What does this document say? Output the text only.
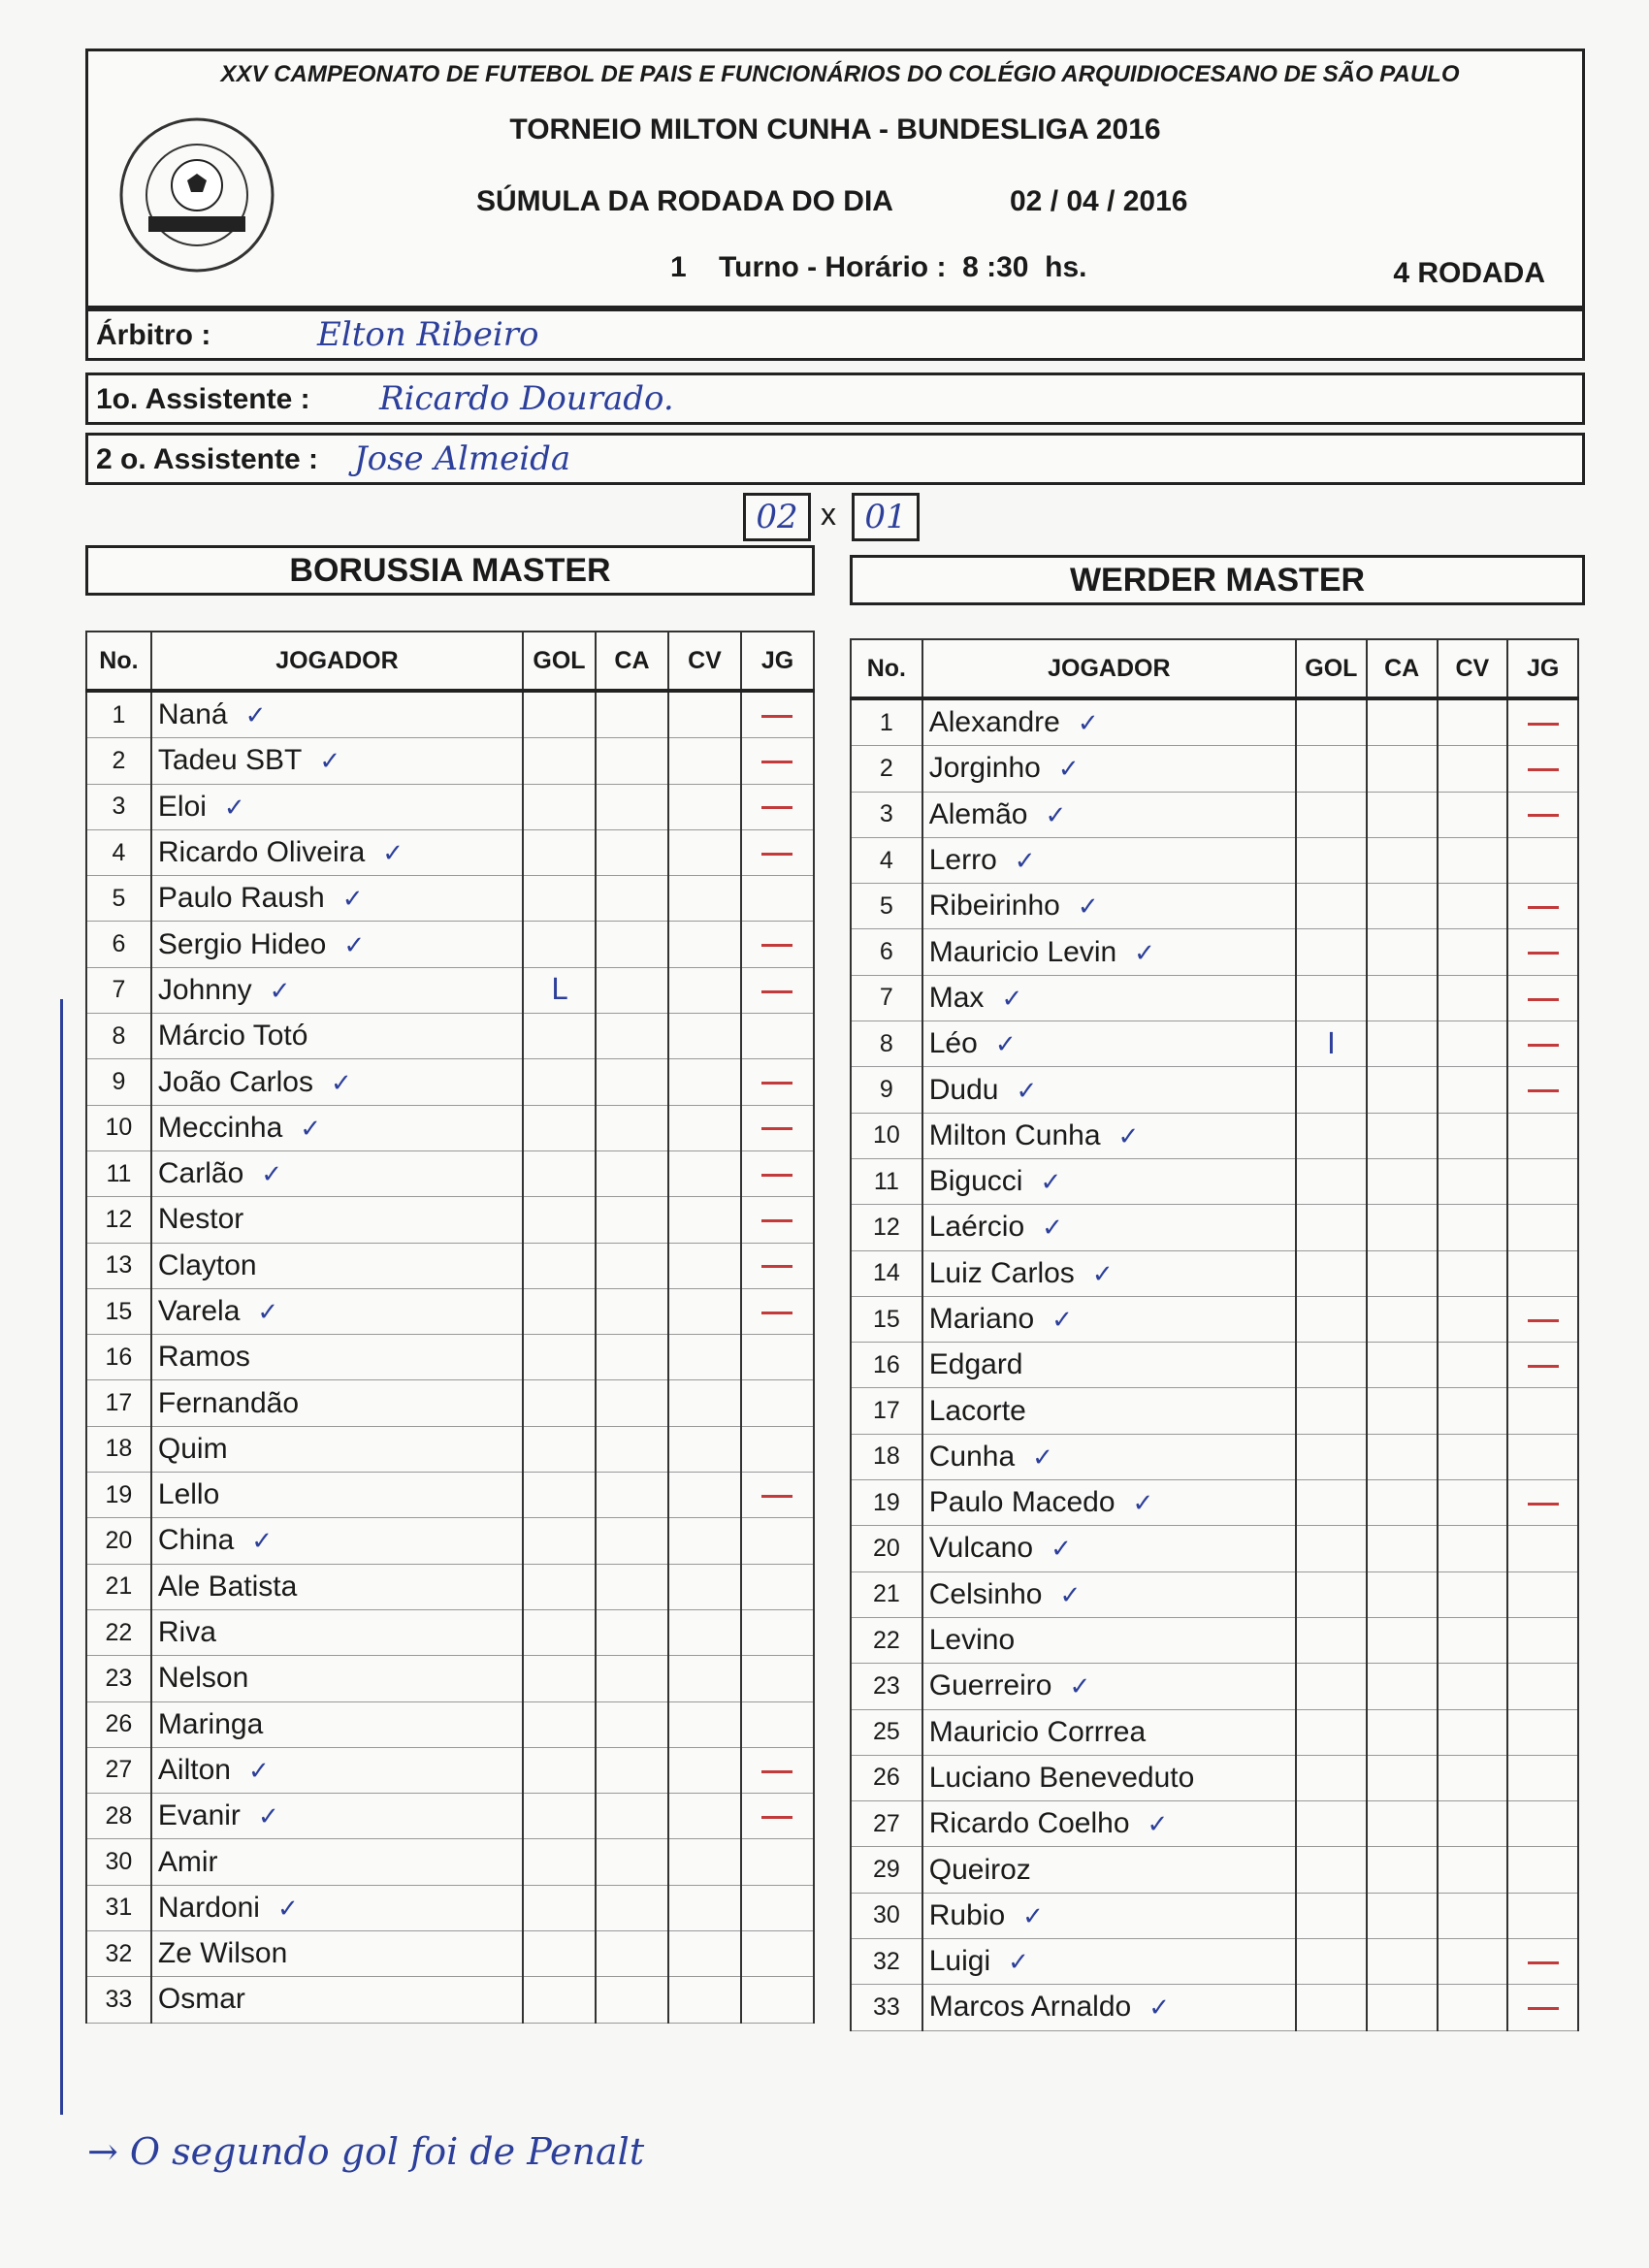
XXV CAMPEONATO DE FUTEBOL DE PAIS E FUNCIONÁRIOS DO COLÉGIO ARQUIDIOCESANO DE SÃO PAULO
TORNEIO MILTON CUNHA - BUNDESLIGA 2016
SÚMULA DA RODADA DO DIA	02 / 04 / 2016
1    Turno - Horário :  8 :30  hs.	4 RODADA
Árbitro :	Elton Ribeiro
1o. Assistente : Ricardo Dourado.
2 o. Assistente : Jose Almeida
02 x 01
BORUSSIA MASTER	WERDER MASTER
No.	JOGADOR	GOL	CA	CV	JG
1	Naná ✓				
2	Tadeu SBT ✓				
3	Eloi ✓				
4	Ricardo Oliveira ✓				
5	Paulo Raush ✓				
6	Sergio Hideo ✓				
7	Johnny ✓	L			
8	Márcio Totó				
9	João Carlos ✓				
10	Meccinha ✓				
11	Carlão ✓				
12	Nestor				
13	Clayton				
15	Varela ✓				
16	Ramos				
17	Fernandão				
18	Quim				
19	Lello				
20	China ✓				
21	Ale Batista				
22	Riva				
23	Nelson				
26	Maringa				
27	Ailton ✓				
28	Evanir ✓				
30	Amir				
31	Nardoni ✓				
32	Ze Wilson				
33	Osmar				
No.	JOGADOR	GOL	CA	CV	JG
1	Alexandre ✓				
2	Jorginho ✓				
3	Alemão ✓				
4	Lerro ✓				
5	Ribeirinho ✓				
6	Mauricio Levin ✓				
7	Max ✓				
8	Léo ✓	I			
9	Dudu ✓				
10	Milton Cunha ✓				
11	Bigucci ✓				
12	Laércio ✓				
14	Luiz Carlos ✓				
15	Mariano ✓				
16	Edgard				
17	Lacorte				
18	Cunha ✓				
19	Paulo Macedo ✓				
20	Vulcano ✓				
21	Celsinho ✓				
22	Levino				
23	Guerreiro ✓				
25	Mauricio Corrrea				
26	Luciano Beneveduto				
27	Ricardo Coelho ✓				
29	Queiroz				
30	Rubio ✓				
32	Luigi ✓				
33	Marcos Arnaldo ✓				
→ O segundo gol foi de Penalt
